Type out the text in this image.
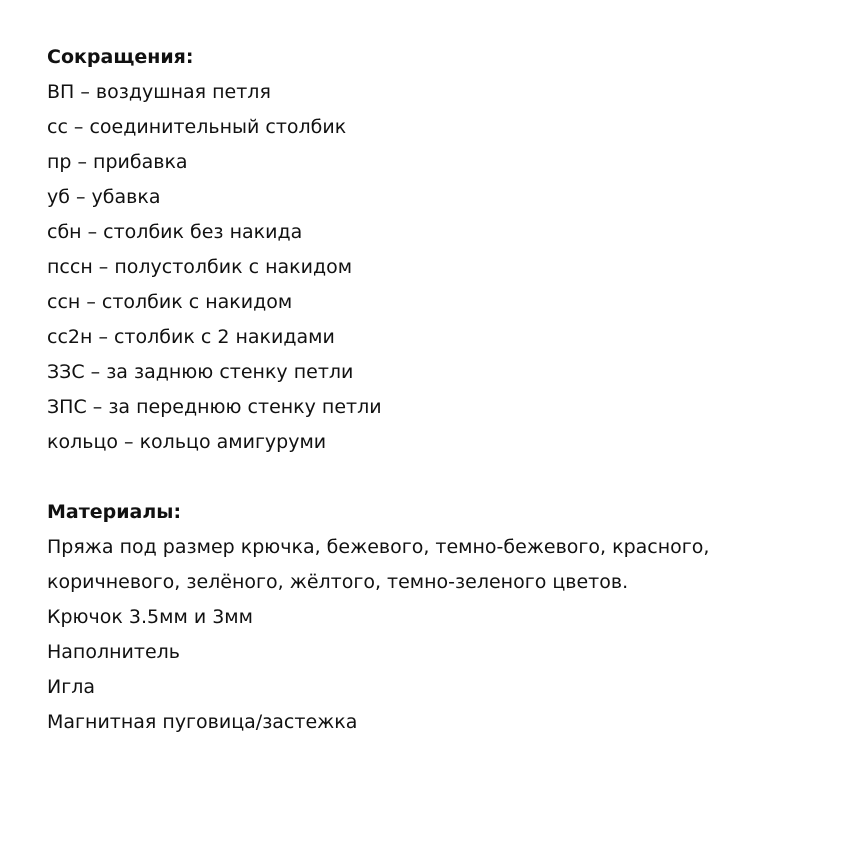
Сокращения:
ВП – воздушная петля
сс – соединительный столбик
пр – прибавка
уб – убавка
сбн – столбик без накида
пссн – полустолбик с накидом
ссн – столбик с накидом
сс2н – столбик с 2 накидами
ЗЗС – за заднюю стенку петли
ЗПС – за переднюю стенку петли
кольцо – кольцо амигуруми
Материалы:
Пряжа под размер крючка, бежевого, темно-бежевого, красного,
коричневого, зелёного, жёлтого, темно-зеленого цветов.
Крючок 3.5мм и 3мм
Наполнитель
Игла
Магнитная пуговица/застежка
